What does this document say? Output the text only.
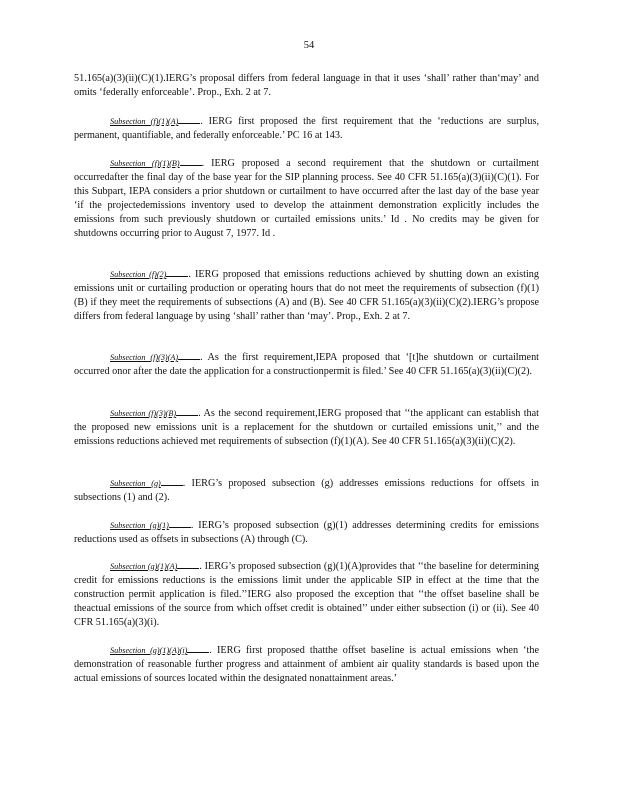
54

51.165(a)(3)(ii)(C)(1).IERG’s proposal differs from federal language in that it uses ‘shall’ rather than‘may’ and omits ‘federally enforceable’. Prop., Exh. 2 at 7.

Subsection (f)(1)(A) . IERG first proposed the first requirement that the ‘reductions are surplus, permanent, quantifiable, and federally enforceable.’ PC 16 at 143.

Subsection (f)(1)(B) . IERG proposed a second requirement that the shutdown or curtailment occurredafter the final day of the base year for the SIP planning process. See 40 CFR 51.165(a)(3)(ii)(C)(1). For this Subpart, IEPA considers a prior shutdown or curtailment to have occurred after the last day of the base year ‘if the projectedemissions inventory used to develop the attainment demonstration explicitly includes the emissions from such previously shutdown or curtailed emissions units.’ Id . No credits may be given for shutdowns occurring prior to August 7, 1977. Id .

Subsection (f)(2) . IERG proposed that emissions reductions achieved by shutting down an existing emissions unit or curtailing production or operating hours that do not meet the requirements of subsection (f)(1)(B) if they meet the requirements of subsections (A) and (B). See 40 CFR 51.165(a)(3)(ii)(C)(2).IERG’s propose differs from federal language by using ‘shall’ rather than ‘may’. Prop., Exh. 2 at 7.

Subsection (f)(3)(A) . As the first requirement,IEPA proposed that ‘[t]he shutdown or curtailment occurred onor after the date the application for a constructionpermit is filed.’ See 40 CFR 51.165(a)(3)(ii)(C)(2).

Subsection (f)(3)(B) . As the second requirement,IERG proposed that ‘‘the applicant can establish that the proposed new emissions unit is a replacement for the shutdown or curtailed emissions unit,’’ and the emissions reductions achieved met requirements of subsection (f)(1)(A). See 40 CFR 51.165(a)(3)(ii)(C)(2).

Subsection (g) . IERG’s proposed subsection (g) addresses emissions reductions for offsets in subsections (1) and (2).

Subsection (g)(1) . IERG’s proposed subsection (g)(1) addresses determining credits for emissions reductions used as offsets in subsections (A) through (C).

Subsection (g)(1)(A) . IERG’s proposed subsection (g)(1)(A)provides that ‘‘the baseline for determining credit for emissions reductions is the emissions limit under the applicable SIP in effect at the time that the construction permit application is filed.’’IERG also proposed the exception that ‘‘the offset baseline shall be theactual emissions of the source from which offset credit is obtained’’ under either subsection (i) or (ii). See 40 CFR 51.165(a)(3)(i).

Subsection (g)(1)(A)(i) . IERG first proposed thatthe offset baseline is actual emissions when ‘the demonstration of reasonable further progress and attainment of ambient air quality standards is based upon the actual emissions of sources located within the designated nonattainment areas.’
